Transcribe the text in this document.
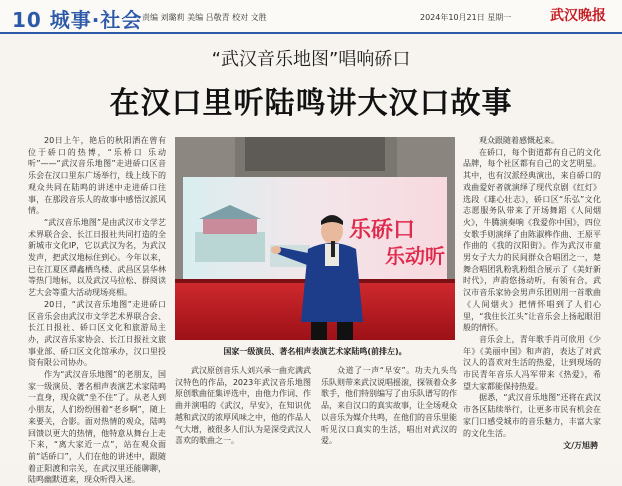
10 城事·社会 责编 刘璐莉 美编 吕敬青 校对 文胜	2024年10月21日 星期一	武汉晚报
“武汉音乐地图”唱响硚口
在汉口里听陆鸣讲大汉口故事

20日上午，艳后的秋阳洒在曾有位于硚口的热博，“乐桥口 乐动听”——“武汉音乐地图”走进硚口区音乐会在汉口里东广场举行，线上线下的观众共同在陆鸣的讲述中走进硚口往事，在那段音乐人的故事中感悟汉派风情。

“武汉音乐地图”是由武汉市文学艺术界联合会、长江日报社共同打造的全新城市文化IP，它以武汉为名，为武汉发声，把武汉地标住到心。今年以来，已在江夏区谭鑫栖鸟楼、武昌区昙华林等热门地标，以及武汉马拉松、群阅读艺大会等重大活动现场亮相。

20日，“武汉音乐地图”走进硚口区音乐会由武汉市文学艺术界联合会、长江日报社、硚口区文化和旅游局主办，武汉音乐家协会、长江日报社文旅事业部、硚口区文化馆承办，汉口里投资有限公司协办。

作为“武汉音乐地图”的老朋友，国家一级演员、著名相声表演艺术家陆鸣一直身，现众就“坐不住”了。从老人到小朋友，人们纷纷围着“老乡啊”，随上来要关，合影。面对热情的观众，陆鸣回馈以更大的热情，他特意从舞台上走下来，“离大家近一点”，站在观众面前“话硚口”，人们在他的讲述中，跟随着正阳渡和宗关，在武汉里还能聊聊，陆鸣幽默道来，现众听得入迷。

乐硚口
乐动听
国家一级演员、著名相声表演艺术家陆鸣(前排左)。

武汉原创音乐人刘兴承一曲充满武汉特色的作品，2023年武汉音乐地图原创歌曲征集评选中，由他力作词、作曲并演唱的《武汉，早安》，在知识优越和武汉的浓厚风味之中，他的作品人气大增，被很多人们认为是深受武汉人喜欢的歌曲之一。

众道了一声“早安”。功夫九头鸟乐队则带来武汉说唱摇滚，探领着众多歌手，他们特别编写了由乐队谱写的作品，来自汉口的真实故事，让全场观众以音乐为媒介共鸣，在他们的音乐里能听见汉口真实的生活，唱出对武汉的爱。

观众跟随着感慨起来。

在硚口，每个街道都有自己的文化品牌，每个社区都有自己的文艺明星。其中，也有汉派经典演出，来自硚口的戏曲爱好者就演绎了现代京剧《红灯》选段《雄心壮志》，硚口区“乐弘”文化志愿服务队带来了开场舞蹈《人间烟火》，牛腾演奏响《我爱你中国》，四位女歌手则演绎了由陈淑桦作曲、王原平作曲的《我的汉阳街》。作为武汉市童男女子大力的民间群众合唱团之一，楚舞合唱团乳粉乳粉组合展示了《美好新时代》，声韵悠扬动听，有领有合，武汉市音乐家协会男声乐团则用一首歌曲《人间烟火》把情怀唱到了人们心里，“我住长江头”让音乐会上扬起眼泪般的情怀。

音乐会上，青年歌手肖可欣用《少年》《美丽中国》和声韵，表达了对武汉人的喜欢对生活的热爱，让到现场的市民青年音乐人冯军带来《热爱》，希望大家都能保持热爱。

据悉，“武汉音乐地图”还将在武汉市各区陆续举行，让更多市民有机会在家门口感受城市的音乐魅力，丰富大家的文化生活。

文/万旭骋
